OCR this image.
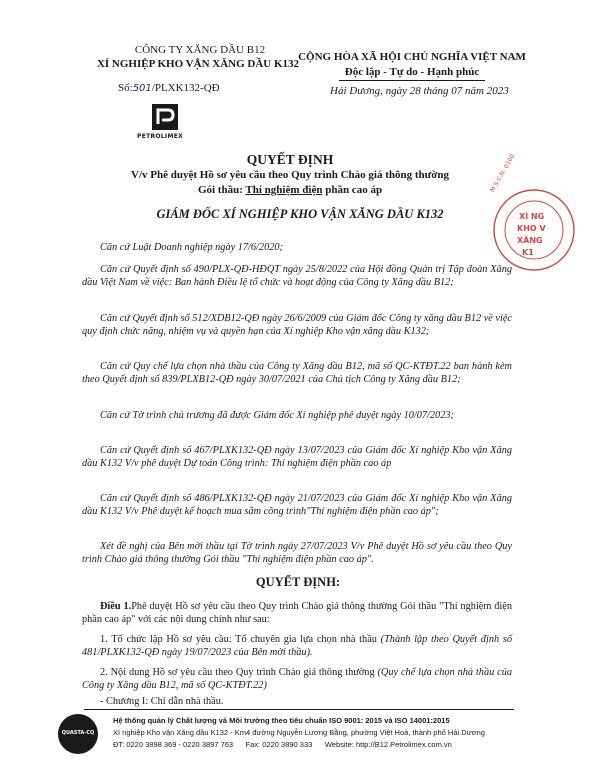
CÔNG TY XĂNG DẦU B12
XÍ NGHIỆP KHO VẬN XĂNG DẦU K132
Số:501/PLXK132-QĐ
PETROLIMEX
CỘNG HÒA XÃ HỘI CHỦ NGHĨA VIỆT NAM
Độc lập - Tự do - Hạnh phúc
Hải Dương, ngày 28 tháng 07 năm 2023
M.S.C.N: 0100
XÍ NG
KHO V
XĂNG
K1
QUYẾT ĐỊNH
V/v Phê duyệt Hồ sơ yêu cầu theo Quy trình Chào giá thông thường
Gói thầu: Thí nghiệm điện phần cao áp
GIÁM ĐỐC XÍ NGHIỆP KHO VẬN XĂNG DẦU K132
Căn cứ Luật Doanh nghiệp ngày 17/6/2020;
Căn cứ Quyết định số 490/PLX-QĐ-HĐQT ngày 25/8/2022 của Hội đồng Quản trị Tập đoàn Xăng dầu Việt Nam về việc: Ban hành Điều lệ tổ chức và hoạt động của Công ty Xăng dầu B12;
Căn cứ Quyết định số 512/XDB12-QĐ ngày 26/6/2009 của Giám đốc Công ty xăng dầu B12 về việc quy định chức năng, nhiệm vụ và quyền hạn của Xí nghiệp Kho vận xăng dầu K132;
Căn cứ Quy chế lựa chọn nhà thầu của Công ty Xăng dầu B12, mã số QC-KTĐT.22 ban hành kèm theo Quyết định số 839/PLXB12-QĐ ngày 30/07/2021 của Chủ tịch Công ty Xăng dầu B12;
Căn cứ Tờ trình chủ trương đã được Giám đốc Xí nghiệp phê duyệt ngày 10/07/2023;
Căn cứ Quyết định số 467/PLXK132-QĐ ngày 13/07/2023 của Giám đốc Xí nghiệp Kho vận Xăng dầu K132 V/v phê duyệt Dự toán Công trình: Thí nghiệm điện phần cao áp
Căn cứ Quyết định số 486/PLXK132-QĐ ngày 21/07/2023 của Giám đốc Xí nghiệp Kho vận Xăng dầu K132 V/v Phê duyệt kế hoạch mua sắm công trình"Thí nghiệm điện phần cao áp";
Xét đề nghị của Bên mời thầu tại Tờ trình ngày 27/07/2023 V/v Phê duyệt Hồ sơ yêu cầu theo Quy trình Chào giá thông thường Gói thầu "Thí nghiệm điện phần cao áp".
QUYẾT ĐỊNH:
Điều 1.Phê duyệt Hồ sơ yêu cầu theo Quy trình Chào giá thông thường Gói thầu "Thí nghiệm điện phần cao áp" với các nội dung chính như sau:
1. Tổ chức lập Hồ sơ yêu cầu: Tổ chuyên gia lựa chọn nhà thầu (Thành lập theo Quyết định số 481/PLXK132-QĐ ngày 19/07/2023 của Bên mời thầu).
2. Nội dung Hồ sơ yêu cầu theo Quy trình Chào giá thông thường (Quy chế lựa chọn nhà thầu của Công ty Xăng dầu B12, mã số QC-KTĐT.22)
- Chương I: Chỉ dẫn nhà thầu.
QUASTA-CQ
Hệ thống quản lý Chất lượng và Môi trường theo tiêu chuẩn ISO 9001: 2015 và ISO 14001:2015
Xí nghiệp Kho vận Xăng dầu K132 - Km4 đường Nguyễn Lương Bằng, phường Việt Hoà, thành phố Hải Dương
ĐT: 0220 3898 369 - 0220 3897 763      Fax: 0220 3890 333      Website: http://B12.Petrolimex.com.vn
